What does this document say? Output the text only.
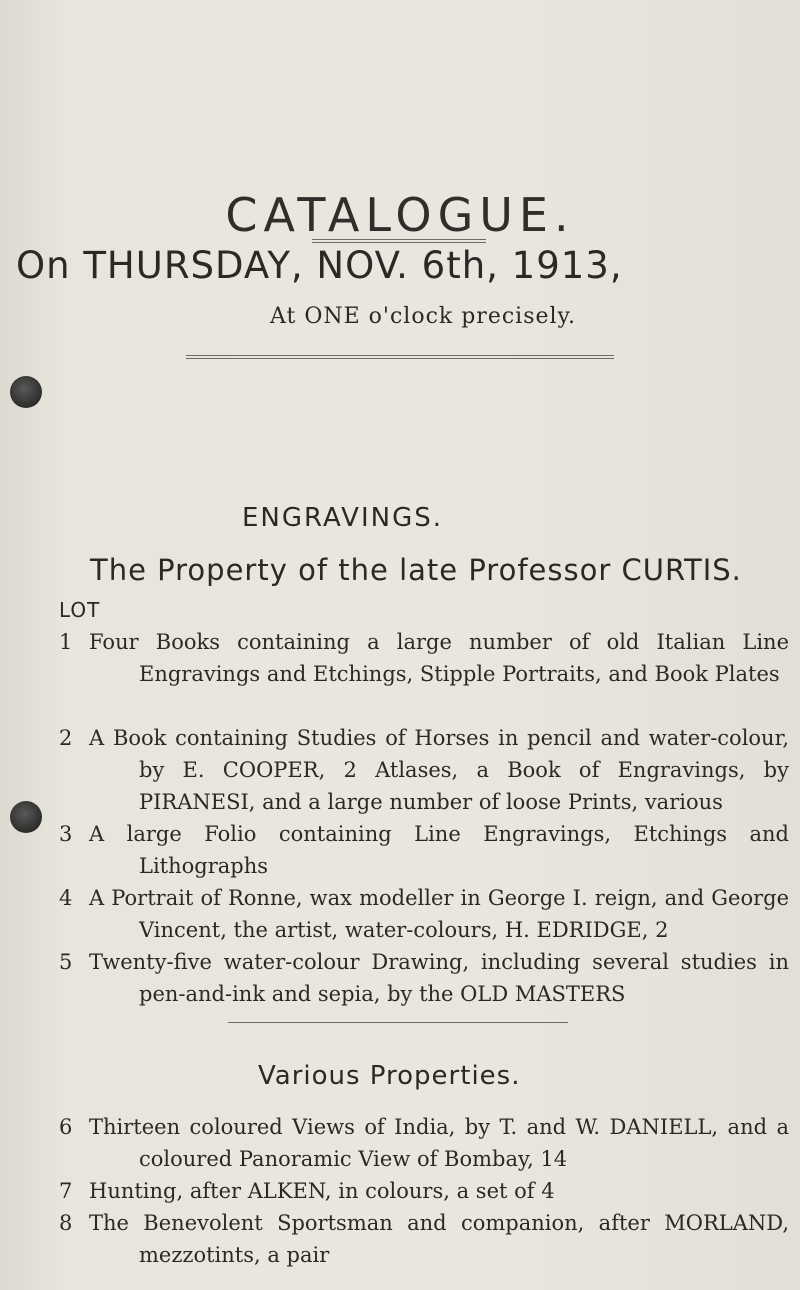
CATALOGUE.
On THURSDAY, NOV. 6th, 1913,
At ONE o'clock precisely.
ENGRAVINGS.
The Property of the late Professor CURTIS.
LOT
1 Four Books containing a large number of old Italian Line Engravings and Etchings, Stipple Portraits, and Book Plates
2 A Book containing Studies of Horses in pencil and water-colour, by E. COOPER, 2 Atlases, a Book of Engravings, by PIRANESI, and a large number of loose Prints, various
3 A large Folio containing Line Engravings, Etchings and Lithographs
4 A Portrait of Ronne, wax modeller in George I. reign, and George Vincent, the artist, water-colours, H. EDRIDGE, 2
5 Twenty-five water-colour Drawing, including several studies in pen-and-ink and sepia, by the OLD MASTERS
Various Properties.
6 Thirteen coloured Views of India, by T. and W. DANIELL, and a coloured Panoramic View of Bombay, 14
7 Hunting, after ALKEN, in colours, a set of 4
8 The Benevolent Sportsman and companion, after MORLAND, mezzotints, a pair
